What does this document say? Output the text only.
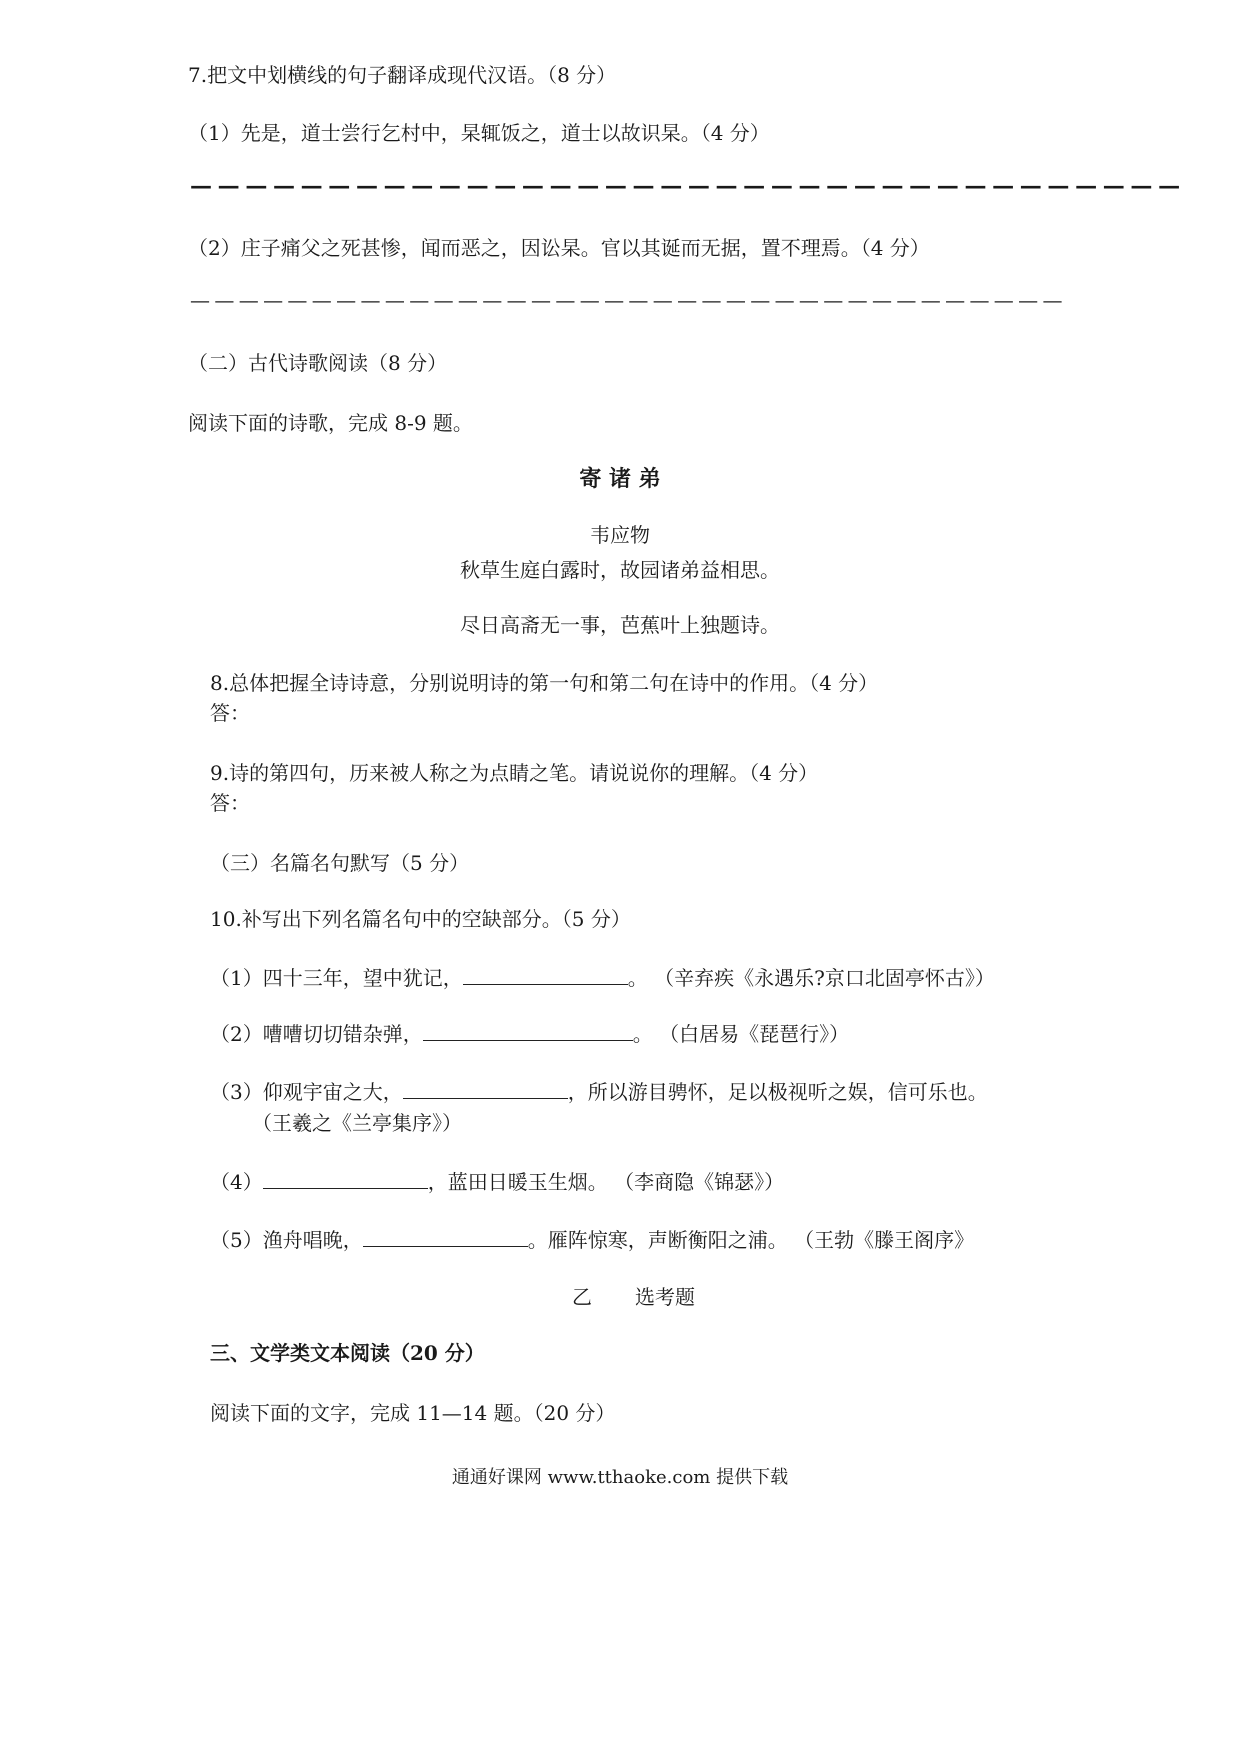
7.把文中划横线的句子翻译成现代汉语。（8 分）
（1）先是，道士尝行乞村中，杲辄饭之，道士以故识杲。（4 分）
— — — — — — — — — — — — — — — — — — — — — — — — — — — — — — — — — — — —
（2）庄子痛父之死甚惨，闻而恶之，因讼杲。官以其诞而无据，置不理焉。（4 分）
— — — — — — — — — — — — — — — — — — — — — — — — — — — — — — — — — — — —
（二）古代诗歌阅读（8 分）
阅读下面的诗歌，完成 8-9 题。
寄 诸 弟
韦应物
秋草生庭白露时，故园诸弟益相思。
尽日高斋无一事，芭蕉叶上独题诗。
8.总体把握全诗诗意，分别说明诗的第一句和第二句在诗中的作用。（4 分）
答：
9.诗的第四句，历来被人称之为点睛之笔。请说说你的理解。（4 分）
答：
（三）名篇名句默写（5 分）
10.补写出下列名篇名句中的空缺部分。（5 分）
（1）四十三年，望中犹记，	。 （辛弃疾《永遇乐?京口北固亭怀古》）
（2）嘈嘈切切错杂弹，	。 （白居易《琵琶行》）
（3）仰观宇宙之大，	，所以游目骋怀，足以极视听之娱，信可乐也。
（王羲之《兰亭集序》）
（4）	，蓝田日暖玉生烟。 （李商隐《锦瑟》）
（5）渔舟唱晚，	。雁阵惊寒，声断衡阳之浦。 （王勃《滕王阁序》
乙 选考题
三、文学类文本阅读（20 分）
阅读下面的文字，完成 11—14 题。（20 分）
通通好课网 www.tthaoke.com 提供下载
